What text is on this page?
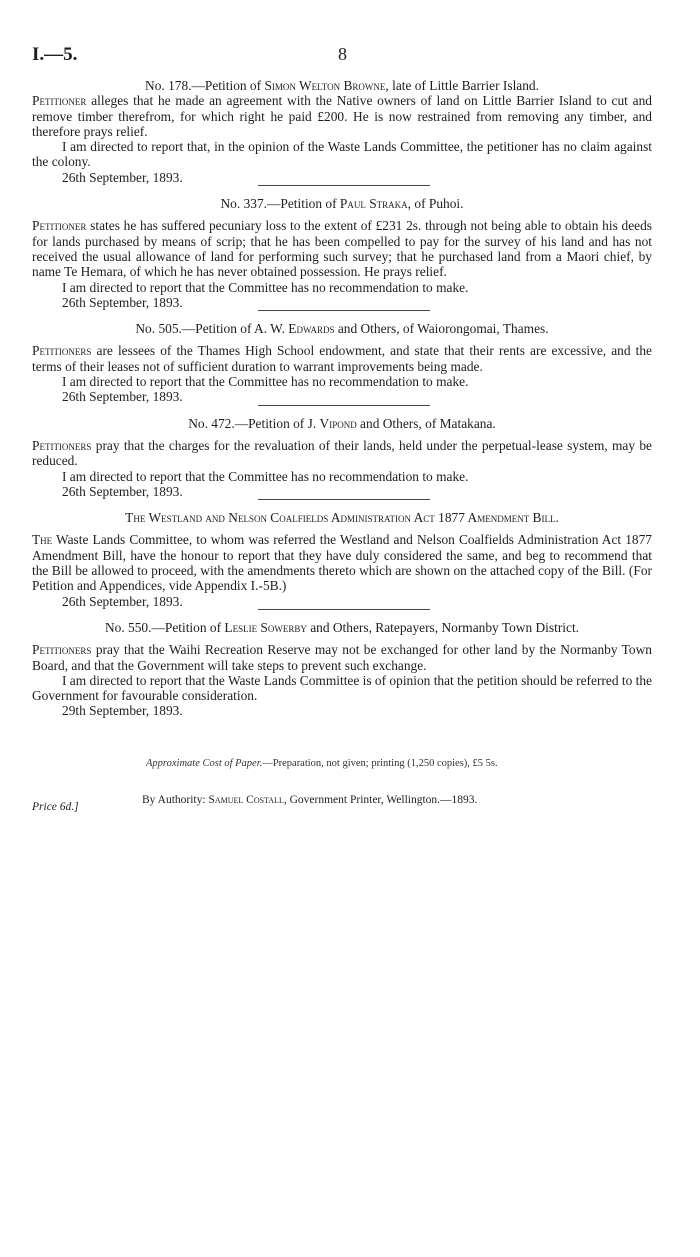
I.—5.	8

No. 178.—Petition of Simon Welton Browne, late of Little Barrier Island.

Petitioner alleges that he made an agreement with the Native owners of land on Little Barrier Island to cut and remove timber therefrom, for which right he paid £200. He is now restrained from removing any timber, and therefore prays relief.

I am directed to report that, in the opinion of the Waste Lands Committee, the petitioner has no claim against the colony.

26th September, 1893.

No. 337.—Petition of Paul Straka, of Puhoi.

Petitioner states he has suffered pecuniary loss to the extent of £231 2s. through not being able to obtain his deeds for lands purchased by means of scrip; that he has been compelled to pay for the survey of his land and has not received the usual allowance of land for performing such survey; that he purchased land from a Maori chief, by name Te Hemara, of which he has never obtained possession. He prays relief.

I am directed to report that the Committee has no recommendation to make.

26th September, 1893.

No. 505.—Petition of A. W. Edwards and Others, of Waiorongomai, Thames.

Petitioners are lessees of the Thames High School endowment, and state that their rents are excessive, and the terms of their leases not of sufficient duration to warrant improvements being made.

I am directed to report that the Committee has no recommendation to make.

26th September, 1893.

No. 472.—Petition of J. Vipond and Others, of Matakana.

Petitioners pray that the charges for the revaluation of their lands, held under the perpetual-lease system, may be reduced.

I am directed to report that the Committee has no recommendation to make.

26th September, 1893.

The Westland and Nelson Coalfields Administration Act 1877 Amendment Bill.

The Waste Lands Committee, to whom was referred the Westland and Nelson Coalfields Administration Act 1877 Amendment Bill, have the honour to report that they have duly considered the same, and beg to recommend that the Bill be allowed to proceed, with the amendments thereto which are shown on the attached copy of the Bill. (For Petition and Appendices, vide Appendix I.-5B.)

26th September, 1893.

No. 550.—Petition of Leslie Sowerby and Others, Ratepayers, Normanby Town District.

Petitioners pray that the Waihi Recreation Reserve may not be exchanged for other land by the Normanby Town Board, and that the Government will take steps to prevent such exchange.

I am directed to report that the Waste Lands Committee is of opinion that the petition should be referred to the Government for favourable consideration.

29th September, 1893.

Approximate Cost of Paper.—Preparation, not given; printing (1,250 copies), £5 5s.
Price 6d.]
By Authority: Samuel Costall, Government Printer, Wellington.—1893.
